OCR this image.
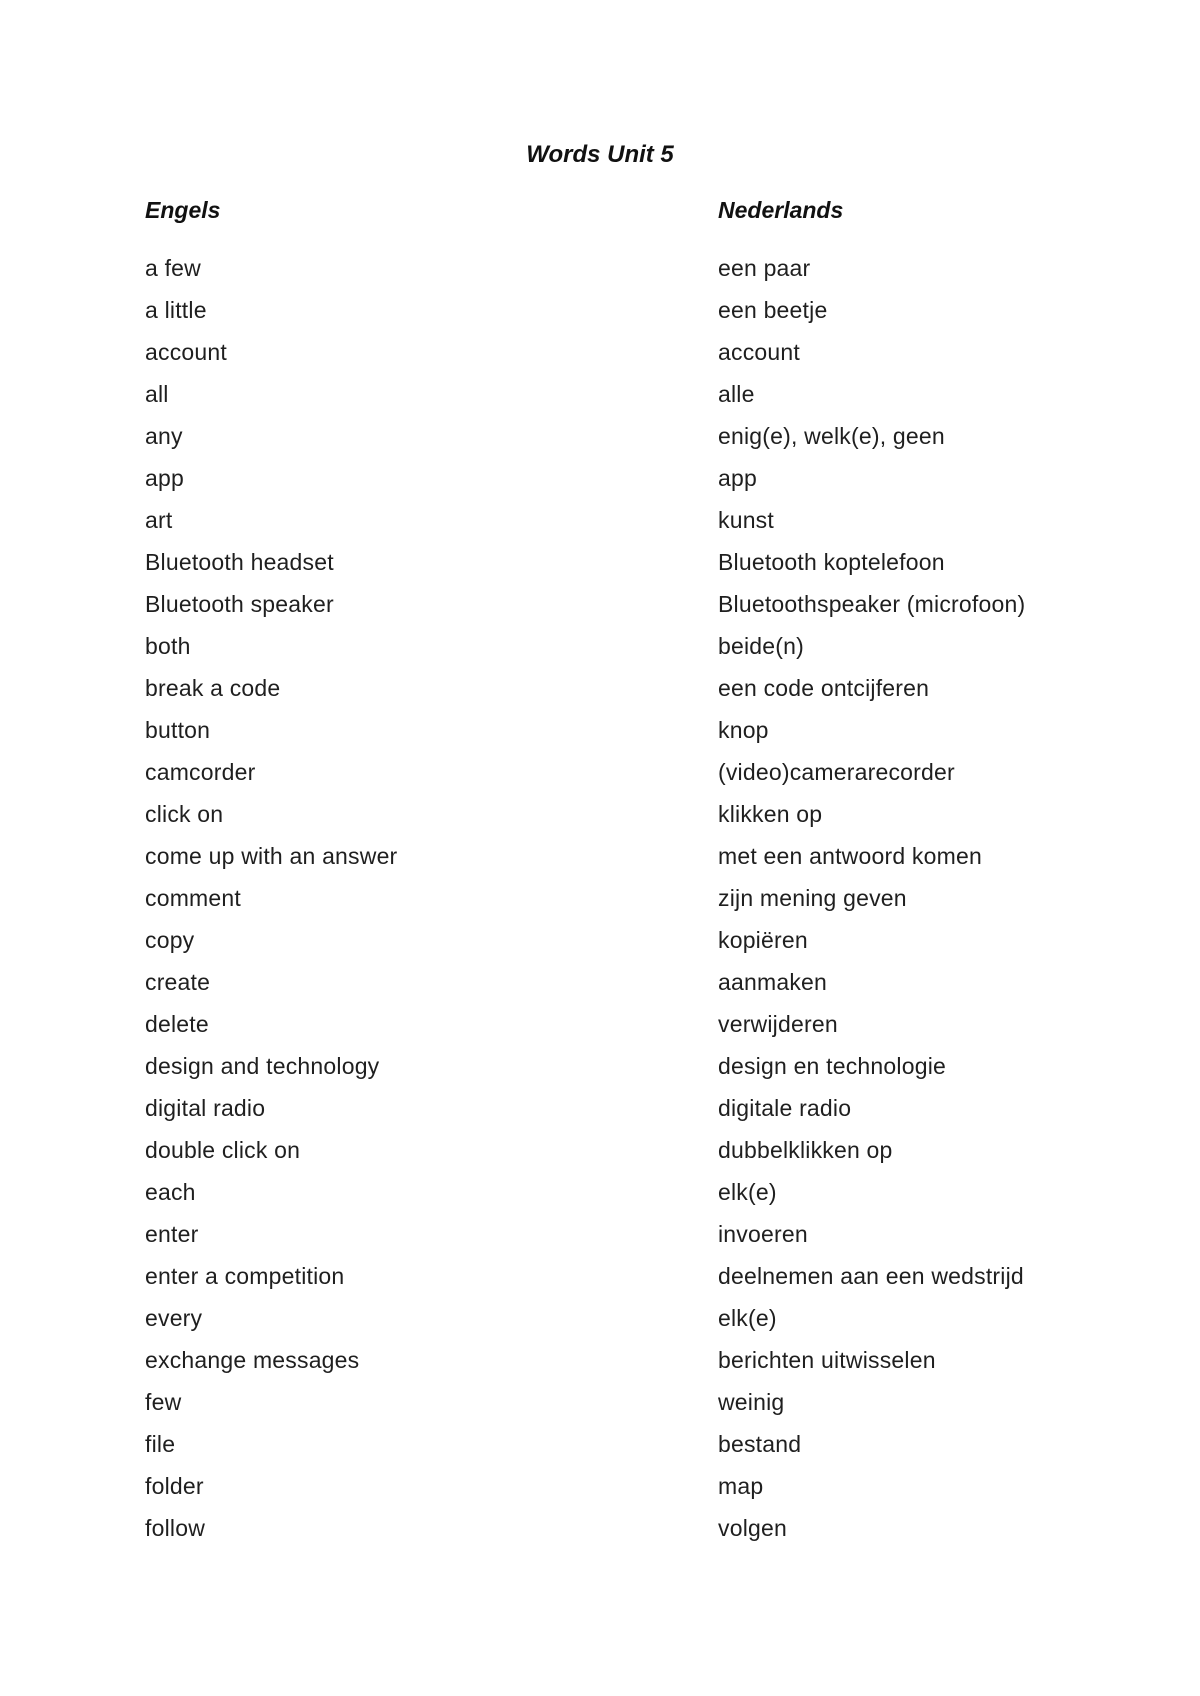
Words Unit 5
Engels	Nederlands
a few	een paar
a little	een beetje
account	account
all	alle
any	enig(e), welk(e), geen
app	app
art	kunst
Bluetooth headset	Bluetooth koptelefoon
Bluetooth speaker	Bluetoothspeaker (microfoon)
both	beide(n)
break a code	een code ontcijferen
button	knop
camcorder	(video)camerarecorder
click on	klikken op
come up with an answer	met een antwoord komen
comment	zijn mening geven
copy	kopiëren
create	aanmaken
delete	verwijderen
design and technology	design en technologie
digital radio	digitale radio
double click on	dubbelklikken op
each	elk(e)
enter	invoeren
enter a competition	deelnemen aan een wedstrijd
every	elk(e)
exchange messages	berichten uitwisselen
few	weinig
file	bestand
folder	map
follow	volgen
